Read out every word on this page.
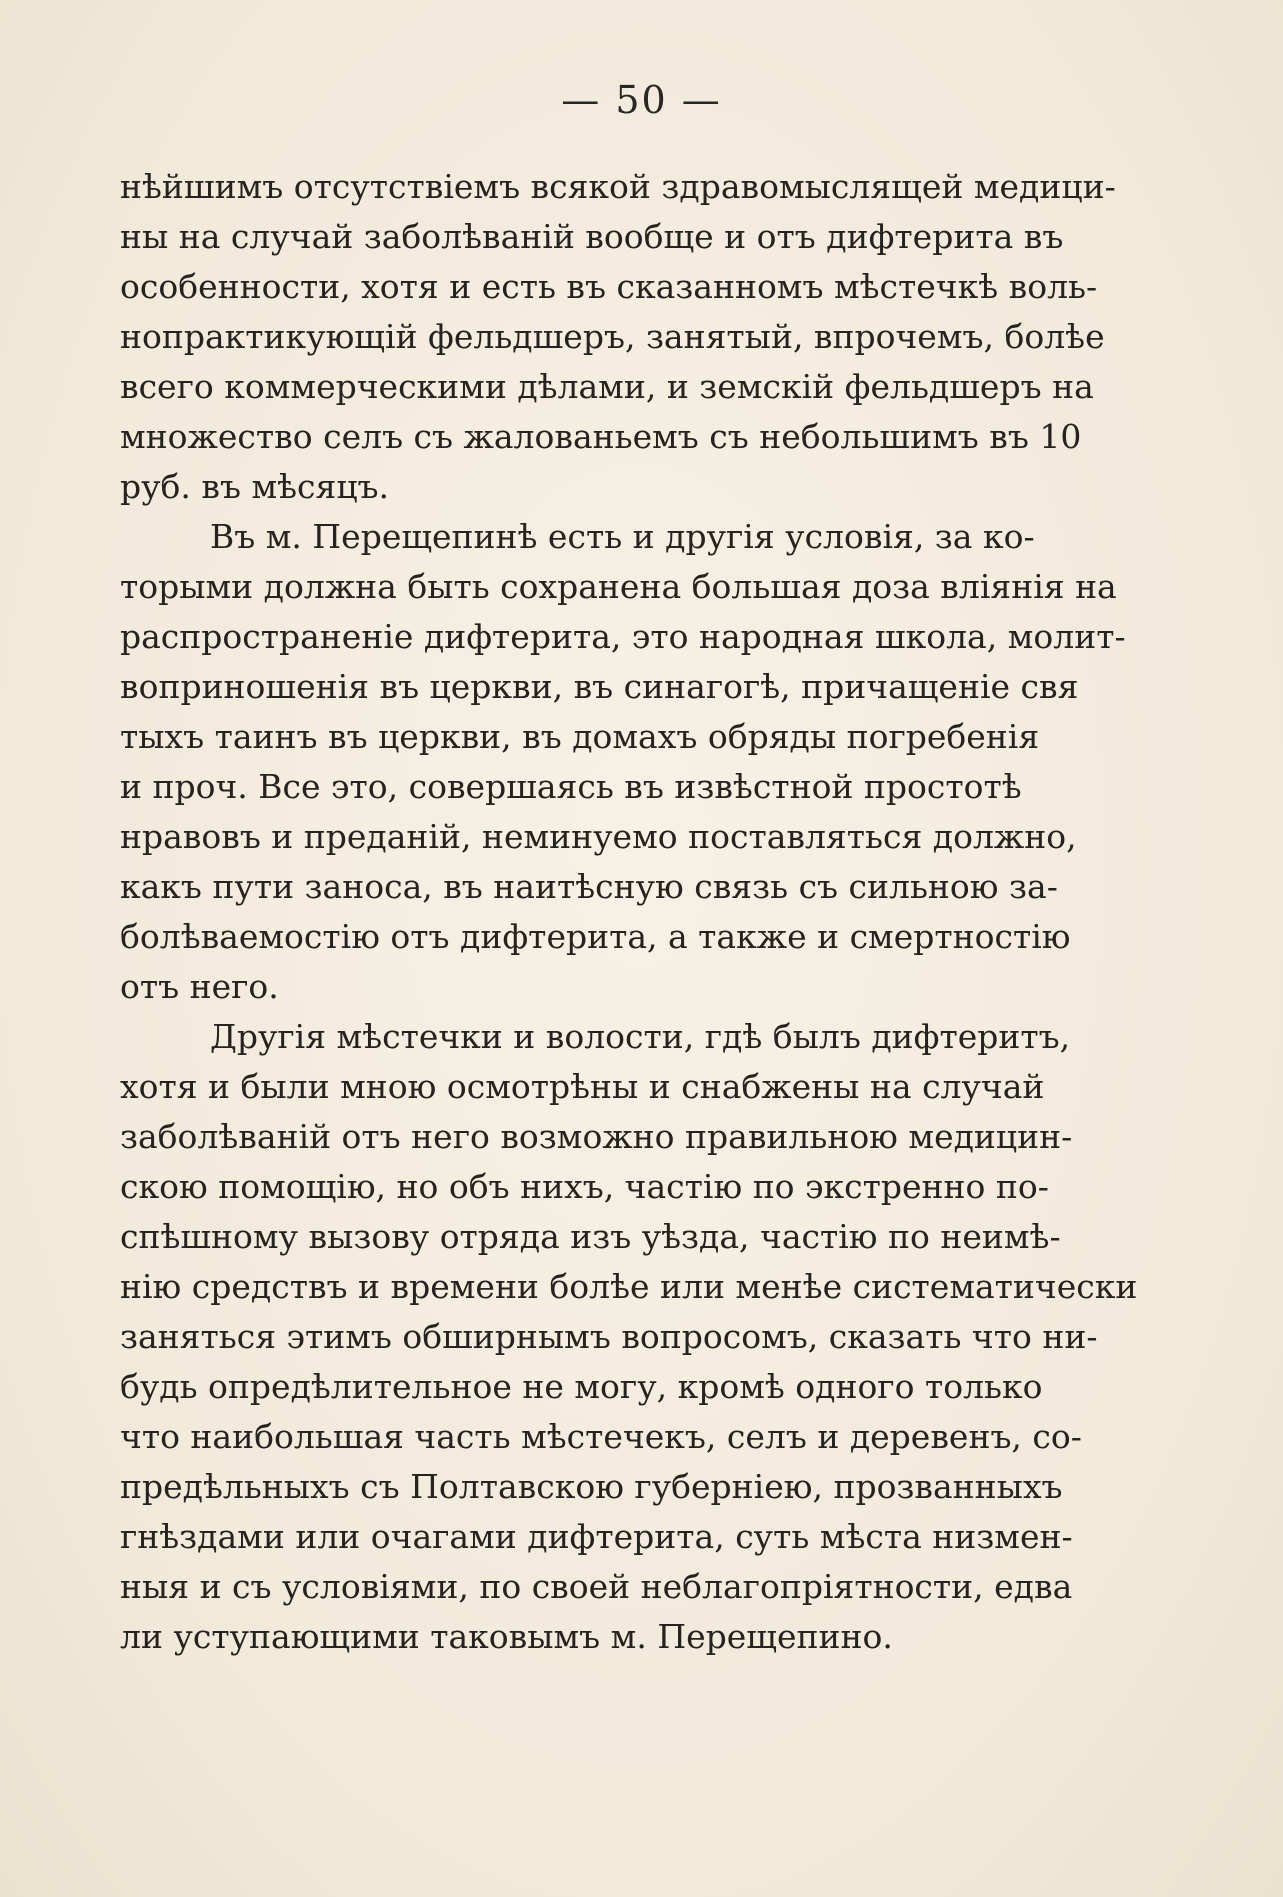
— 50 —
нѣйшимъ отсутствіемъ всякой здравомыслящей медици-
ны на случай заболѣваній вообще и отъ дифтерита въ
особенности, хотя и есть въ сказанномъ мѣстечкѣ воль-
нопрактикующій фельдшеръ, занятый, впрочемъ, болѣе
всего коммерческими дѣлами, и земскій фельдшеръ на
множество селъ съ жалованьемъ съ небольшимъ въ 10
руб. въ мѣсяцъ.
Въ м. Перещепинѣ есть и другія условія, за ко-
торыми должна быть сохранена большая доза вліянія на
распространеніе дифтерита, это народная школа, молит-
воприношенія въ церкви, въ синагогѣ, причащеніе свя
тыхъ таинъ въ церкви, въ домахъ обряды погребенія
и проч. Все это, совершаясь въ извѣстной простотѣ
нравовъ и преданій, неминуемо поставляться должно,
какъ пути заноса, въ наитѣсную связь съ сильною за-
болѣваемостію отъ дифтерита, а также и смертностію
отъ него.
Другія мѣстечки и волости, гдѣ былъ дифтеритъ,
хотя и были мною осмотрѣны и снабжены на случай
заболѣваній отъ него возможно правильною медицин-
скою помощію, но объ нихъ, частію по экстренно по-
спѣшному вызову отряда изъ уѣзда, частію по неимѣ-
нію средствъ и времени болѣе или менѣе систематически
заняться этимъ обширнымъ вопросомъ, сказать что ни-
будь опредѣлительное не могу, кромѣ одного только
что наибольшая часть мѣстечекъ, селъ и деревенъ, со-
предѣльныхъ съ Полтавскою губерніею, прозванныхъ
гнѣздами или очагами дифтерита, суть мѣста низмен-
ныя и съ условіями, по своей неблагопріятности, едва
ли уступающими таковымъ м. Перещепино.
